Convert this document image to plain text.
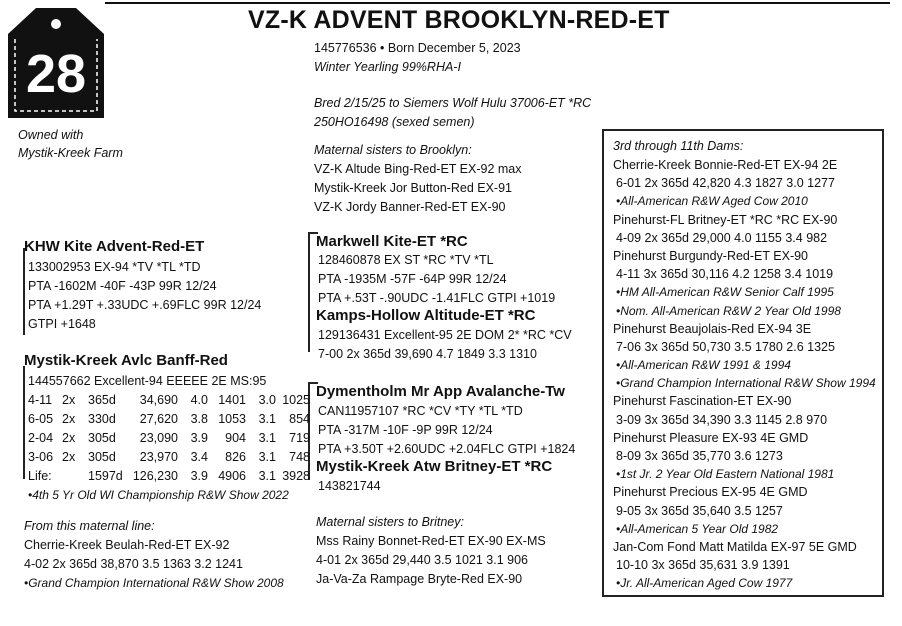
28
VZ-K ADVENT BROOKLYN-RED-ET
145776536 • Born December 5, 2023
Winter Yearling 99%RHA-I
Bred 2/15/25 to Siemers Wolf Hulu 37006-ET *RC
250HO16498 (sexed semen)
Owned with
Mystik-Kreek Farm	Maternal sisters to Brooklyn:
VZ-K Altude Bing-Red-ET EX-92 max
Mystik-Kreek Jor Button-Red EX-91
VZ-K Jordy Banner-Red-ET EX-90
KHW Kite Advent-Red-ET
133002953 EX-94 *TV *TL *TD
PTA -1602M -40F -43P 99R 12/24
PTA +1.29T +.33UDC +.69FLC 99R 12/24
GTPI +1648
Mystik-Kreek Avlc Banff-Red
144557662 Excellent-94 EEEEE 2E MS:95
4-11 2x 365d 34,690 4.0 1401 3.0 1025
6-05 2x 330d 27,620 3.8 1053 3.1 854
2-04 2x 305d 23,090 3.9 904 3.1 719
3-06 2x 305d 23,970 3.4 826 3.1 748
Life:	1597d 126,230 3.9 4906 3.1 3928
•4th 5 Yr Old WI Championship R&W Show 2022
From this maternal line:
Cherrie-Kreek Beulah-Red-ET EX-92
4-02 2x 365d 38,870 3.5 1363 3.2 1241
•Grand Champion International R&W Show 2008
Markwell Kite-ET *RC
128460878 EX ST *RC *TV *TL
PTA -1935M -57F -64P 99R 12/24
PTA +.53T -.90UDC -1.41FLC GTPI +1019
Kamps-Hollow Altitude-ET *RC
129136431 Excellent-95 2E DOM 2* *RC *CV
7-00 2x 365d 39,690 4.7 1849 3.3 1310
Dymentholm Mr App Avalanche-Tw
CAN11957107 *RC *CV *TY *TL *TD
PTA -317M -10F -9P 99R 12/24
PTA +3.50T +2.60UDC +2.04FLC GTPI +1824
Mystik-Kreek Atw Britney-ET *RC
143821744
Maternal sisters to Britney:
Mss Rainy Bonnet-Red-ET EX-90 EX-MS
4-01 2x 365d 29,440 3.5 1021 3.1 906
Ja-Va-Za Rampage Bryte-Red EX-90
3rd through 11th Dams:
Cherrie-Kreek Bonnie-Red-ET EX-94 2E
6-01 2x 365d 42,820 4.3 1827 3.0 1277
•All-American R&W Aged Cow 2010
Pinehurst-FL Britney-ET *RC *RC EX-90
4-09 2x 365d 29,000 4.0 1155 3.4 982
Pinehurst Burgundy-Red-ET EX-90
4-11 3x 365d 30,116 4.2 1258 3.4 1019
•HM All-American R&W Senior Calf 1995
•Nom. All-American R&W 2 Year Old 1998
Pinehurst Beaujolais-Red EX-94 3E
7-06 3x 365d 50,730 3.5 1780 2.6 1325
•All-American R&W 1991 & 1994
•Grand Champion International R&W Show 1994
Pinehurst Fascination-ET EX-90
3-09 3x 365d 34,390 3.3 1145 2.8 970
Pinehurst Pleasure EX-93 4E GMD
8-09 3x 365d 35,770 3.6 1273
•1st Jr. 2 Year Old Eastern National 1981
Pinehurst Precious EX-95 4E GMD
9-05 3x 365d 35,640 3.5 1257
•All-American 5 Year Old 1982
Jan-Com Fond Matt Matilda EX-97 5E GMD
10-10 3x 365d 35,631 3.9 1391
•Jr. All-American Aged Cow 1977
